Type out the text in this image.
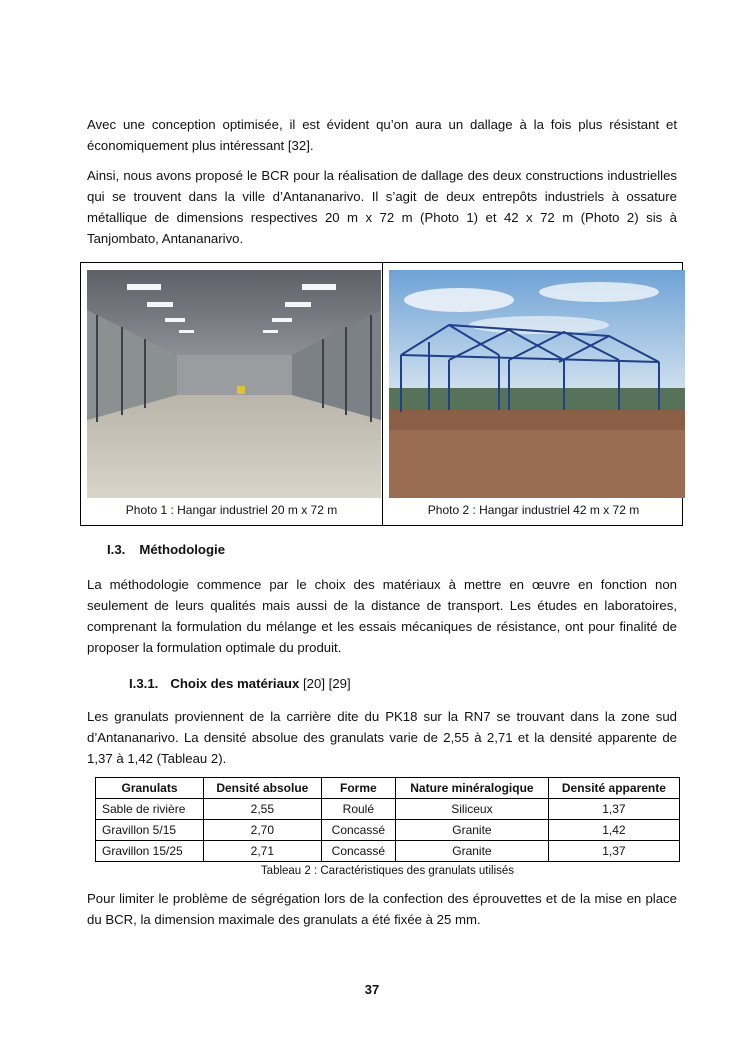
Avec une conception optimisée, il est évident qu’on aura un dallage à la fois plus résistant et économiquement plus intéressant [32].

Ainsi, nous avons proposé le BCR pour la réalisation de dallage des deux constructions industrielles qui se trouvent dans la ville d’Antananarivo. Il s’agit de deux entrepôts industriels à ossature métallique de dimensions respectives 20 m x 72 m (Photo 1) et 42 x 72 m (Photo 2) sis à Tanjombato, Antananarivo.

Photo 1 : Hangar industriel 20 m x 72 m	Photo 2 : Hangar industriel 42 m x 72 m
I.3. Méthodologie

La méthodologie commence par le choix des matériaux à mettre en œuvre en fonction non seulement de leurs qualités mais aussi de la distance de transport. Les études en laboratoires, comprenant la formulation du mélange et les essais mécaniques de résistance, ont pour finalité de proposer la formulation optimale du produit.

I.3.1. Choix des matériaux [20] [29]

Les granulats proviennent de la carrière dite du PK18 sur la RN7 se trouvant dans la zone sud d’Antananarivo. La densité absolue des granulats varie de 2,55 à 2,71 et la densité apparente de 1,37 à 1,42 (Tableau 2).

Granulats	Densité absolue	Forme	Nature minéralogique	Densité apparente
Sable de rivière	2,55	Roulé	Siliceux	1,37
Gravillon 5/15	2,70	Concassé	Granite	1,42
Gravillon 15/25	2,71	Concassé	Granite	1,37
Tableau 2 : Caractéristiques des granulats utilisés

Pour limiter le problème de ségrégation lors de la confection des éprouvettes et de la mise en place du BCR, la dimension maximale des granulats a été fixée à 25 mm.

37
